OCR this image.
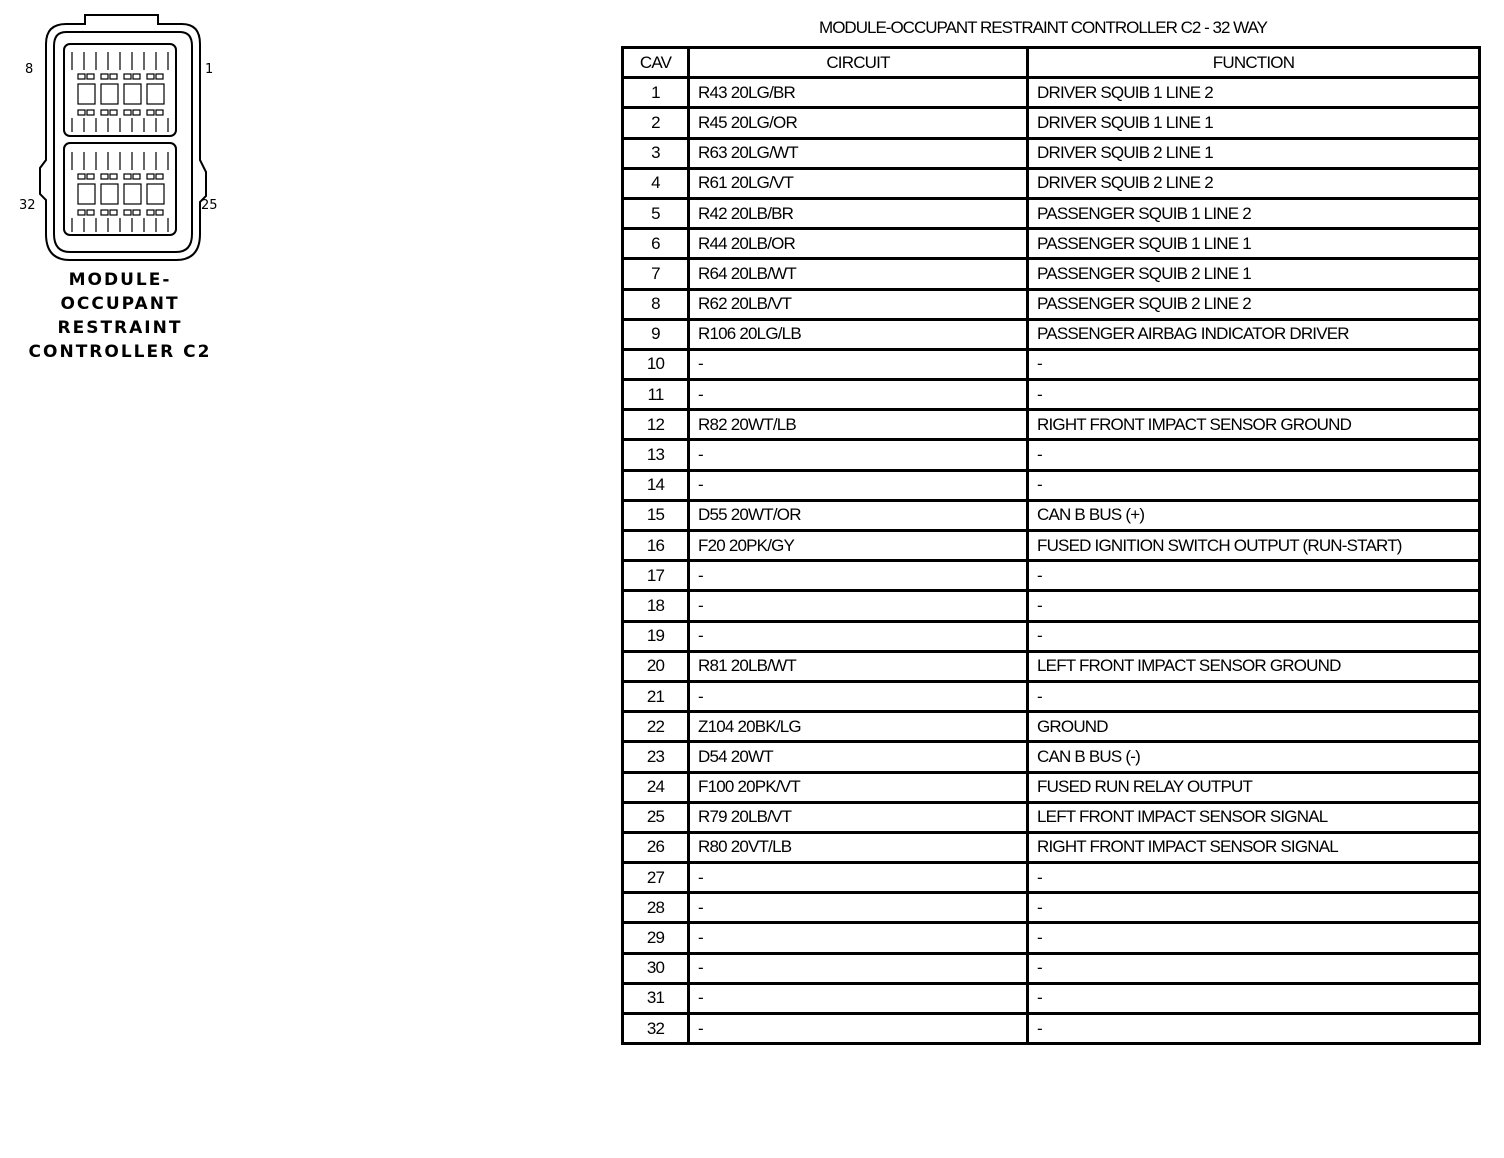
8	1
32	25
MODULE-
OCCUPANT
RESTRAINT
CONTROLLER C2
MODULE-OCCUPANT RESTRAINT CONTROLLER C2 - 32 WAY
CAV	CIRCUIT	FUNCTION
1	R43 20LG/BR	DRIVER SQUIB 1 LINE 2
2	R45 20LG/OR	DRIVER SQUIB 1 LINE 1
3	R63 20LG/WT	DRIVER SQUIB 2 LINE 1
4	R61 20LG/VT	DRIVER SQUIB 2 LINE 2
5	R42 20LB/BR	PASSENGER SQUIB 1 LINE 2
6	R44 20LB/OR	PASSENGER SQUIB 1 LINE 1
7	R64 20LB/WT	PASSENGER SQUIB 2 LINE 1
8	R62 20LB/VT	PASSENGER SQUIB 2 LINE 2
9	R106 20LG/LB	PASSENGER AIRBAG INDICATOR DRIVER
10	-	-
11	-	-
12	R82 20WT/LB	RIGHT FRONT IMPACT SENSOR GROUND
13	-	-
14	-	-
15	D55 20WT/OR	CAN B BUS (+)
16	F20 20PK/GY	FUSED IGNITION SWITCH OUTPUT (RUN-START)
17	-	-
18	-	-
19	-	-
20	R81 20LB/WT	LEFT FRONT IMPACT SENSOR GROUND
21	-	-
22	Z104 20BK/LG	GROUND
23	D54 20WT	CAN B BUS (-)
24	F100 20PK/VT	FUSED RUN RELAY OUTPUT
25	R79 20LB/VT	LEFT FRONT IMPACT SENSOR SIGNAL
26	R80 20VT/LB	RIGHT FRONT IMPACT SENSOR SIGNAL
27	-	-
28	-	-
29	-	-
30	-	-
31	-	-
32	-	-
